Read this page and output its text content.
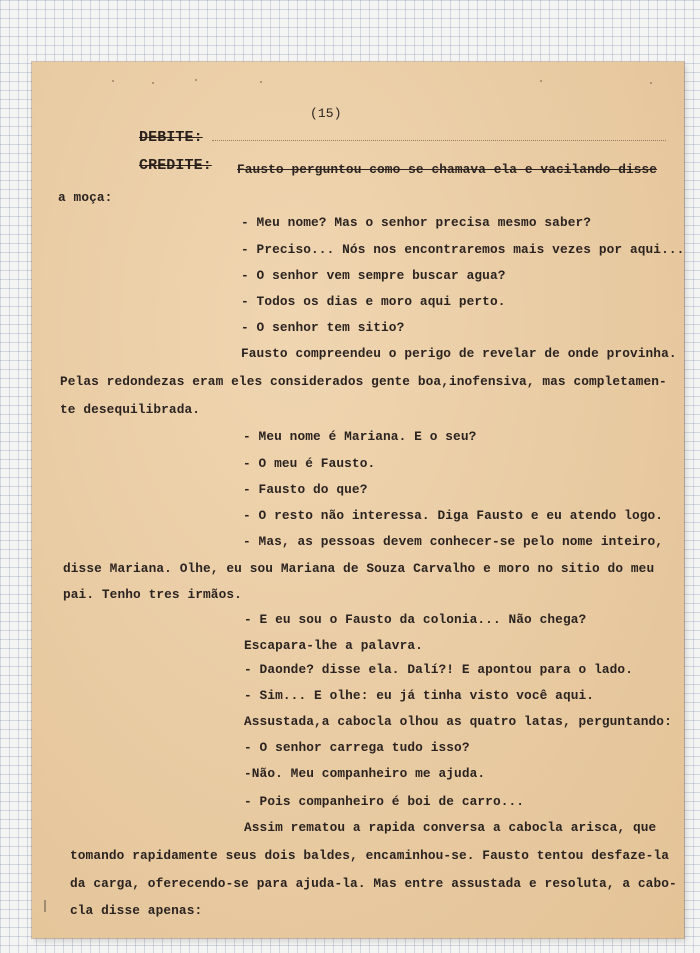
(15)
DEBITE:
CREDITE: Fausto perguntou como se chamava ela e vacilando disse
a moça:
- Meu nome? Mas o senhor precisa mesmo saber?
- Preciso... Nós nos encontraremos mais vezes por aqui...
- O senhor vem sempre buscar agua?
- Todos os dias e moro aqui perto.
- O senhor tem sitio?
Fausto compreendeu o perigo de revelar de onde provinha.
Pelas redondezas eram eles considerados gente boa,inofensiva, mas completamen-
te desequilibrada.
- Meu nome é Mariana. E o seu?
- O meu é Fausto.
- Fausto do que?
- O resto não interessa. Diga Fausto e eu atendo logo.
- Mas, as pessoas devem conhecer-se pelo nome inteiro,
disse Mariana. Olhe, eu sou Mariana de Souza Carvalho e moro no sitio do meu
pai. Tenho tres irmãos.
- E eu sou o Fausto da colonia... Não chega?
Escapara-lhe a palavra.
- Daonde? disse ela. Dalí?! E apontou para o lado.
- Sim... E olhe: eu já tinha visto você aqui.
Assustada,a cabocla olhou as quatro latas, perguntando:
- O senhor carrega tudo isso?
-Não. Meu companheiro me ajuda.
- Pois companheiro é boi de carro...
Assim rematou a rapida conversa a cabocla arisca, que
tomando rapidamente seus dois baldes, encaminhou-se. Fausto tentou desfaze-la
da carga, oferecendo-se para ajuda-la. Mas entre assustada e resoluta, a cabo-
cla disse apenas:
